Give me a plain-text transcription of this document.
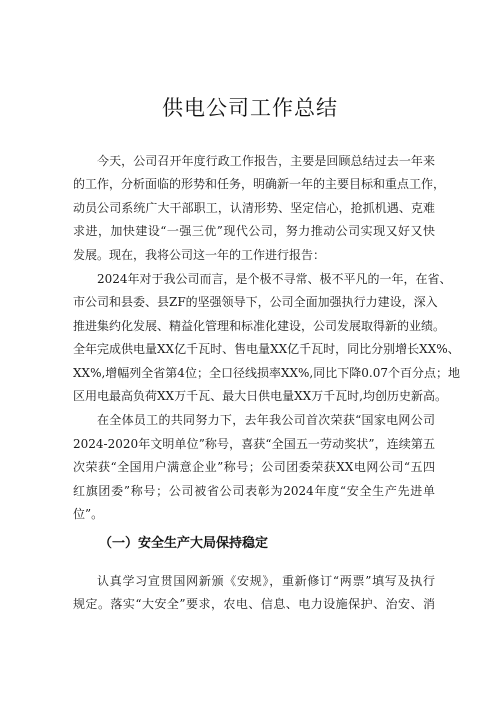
供电公司工作总结
今天，公司召开年度行政工作报告，主要是回顾总结过去一年来
的工作，分析面临的形势和任务，明确新一年的主要目标和重点工作，
动员公司系统广大干部职工，认清形势、坚定信心，抢抓机遇、克难
求进，加快建设“一强三优”现代公司，努力推动公司实现又好又快
发展。现在，我将公司这一年的工作进行报告：
2024年对于我公司而言，是个极不寻常、极不平凡的一年，在省、
市公司和县委、县ZF的坚强领导下，公司全面加强执行力建设，深入
推进集约化发展、精益化管理和标准化建设，公司发展取得新的业绩。
全年完成供电量XX亿千瓦时、售电量XX亿千瓦时，同比分别增长XX%、
XX%,增幅列全省第4位；全口径线损率XX%,同比下降0.07个百分点；地
区用电最高负荷XX万千瓦、最大日供电量XX万千瓦时,均创历史新高。
在全体员工的共同努力下，去年我公司首次荣获“国家电网公司
2024-2020年文明单位”称号，喜获“全国五一劳动奖状”，连续第五
次荣获“全国用户满意企业”称号；公司团委荣获XX电网公司“五四
红旗团委”称号；公司被省公司表彰为2024年度“安全生产先进单
位”。
（一）安全生产大局保持稳定
认真学习宣贯国网新颁《安规》，重新修订“两票”填写及执行
规定。落实“大安全”要求，农电、信息、电力设施保护、治安、消
